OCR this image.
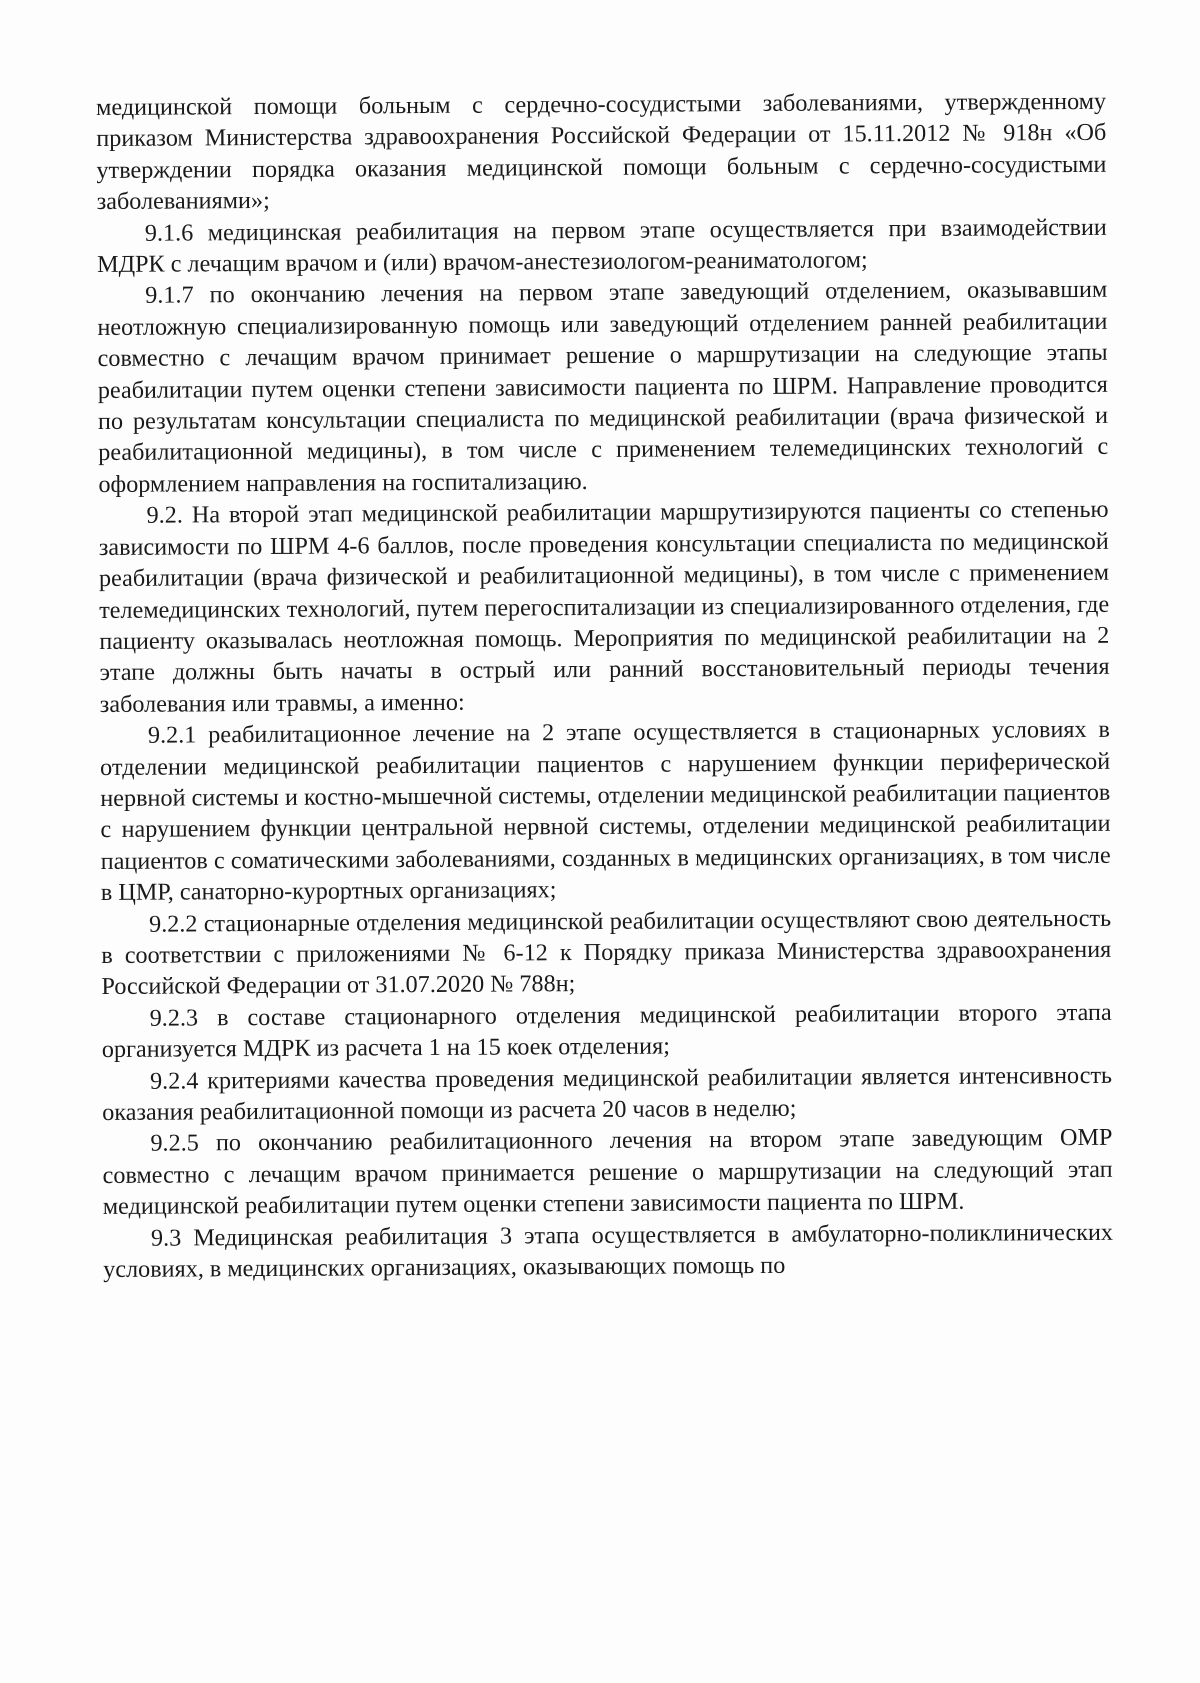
медицинской помощи больным с сердечно-сосудистыми заболеваниями, утвержденному приказом Министерства здравоохранения Российской Федерации от 15.11.2012 № 918н «Об утверждении порядка оказания медицинской помощи больным с сердечно-сосудистыми заболеваниями»;

9.1.6 медицинская реабилитация на первом этапе осуществляется при взаимодействии МДРК с лечащим врачом и (или) врачом-анестезиологом-реаниматологом;

9.1.7 по окончанию лечения на первом этапе заведующий отделением, оказывавшим неотложную специализированную помощь или заведующий отделением ранней реабилитации совместно с лечащим врачом принимает решение о маршрутизации на следующие этапы реабилитации путем оценки степени зависимости пациента по ШРМ. Направление проводится по результатам консультации специалиста по медицинской реабилитации (врача физической и реабилитационной медицины), в том числе с применением телемедицинских технологий с оформлением направления на госпитализацию.

9.2. На второй этап медицинской реабилитации маршрутизируются пациенты со степенью зависимости по ШРМ 4-6 баллов, после проведения консультации специалиста по медицинской реабилитации (врача физической и реабилитационной медицины), в том числе с применением телемедицинских технологий, путем перегоспитализации из специализированного отделения, где пациенту оказывалась неотложная помощь. Мероприятия по медицинской реабилитации на 2 этапе должны быть начаты в острый или ранний восстановительный периоды течения заболевания или травмы, а именно:

9.2.1 реабилитационное лечение на 2 этапе осуществляется в стационарных условиях в отделении медицинской реабилитации пациентов с нарушением функции периферической нервной системы и костно-мышечной системы, отделении медицинской реабилитации пациентов с нарушением функции центральной нервной системы, отделении медицинской реабилитации пациентов с соматическими заболеваниями, созданных в медицинских организациях, в том числе в ЦМР, санаторно-курортных организациях;

9.2.2 стационарные отделения медицинской реабилитации осуществляют свою деятельность в соответствии с приложениями № 6-12 к Порядку приказа Министерства здравоохранения Российской Федерации от 31.07.2020 № 788н;

9.2.3 в составе стационарного отделения медицинской реабилитации второго этапа организуется МДРК из расчета 1 на 15 коек отделения;

9.2.4 критериями качества проведения медицинской реабилитации является интенсивность оказания реабилитационной помощи из расчета 20 часов в неделю;

9.2.5 по окончанию реабилитационного лечения на втором этапе заведующим ОМР совместно с лечащим врачом принимается решение о маршрутизации на следующий этап медицинской реабилитации путем оценки степени зависимости пациента по ШРМ.

9.3 Медицинская реабилитация 3 этапа осуществляется в амбулаторно-поликлинических условиях, в медицинских организациях, оказывающих помощь по
